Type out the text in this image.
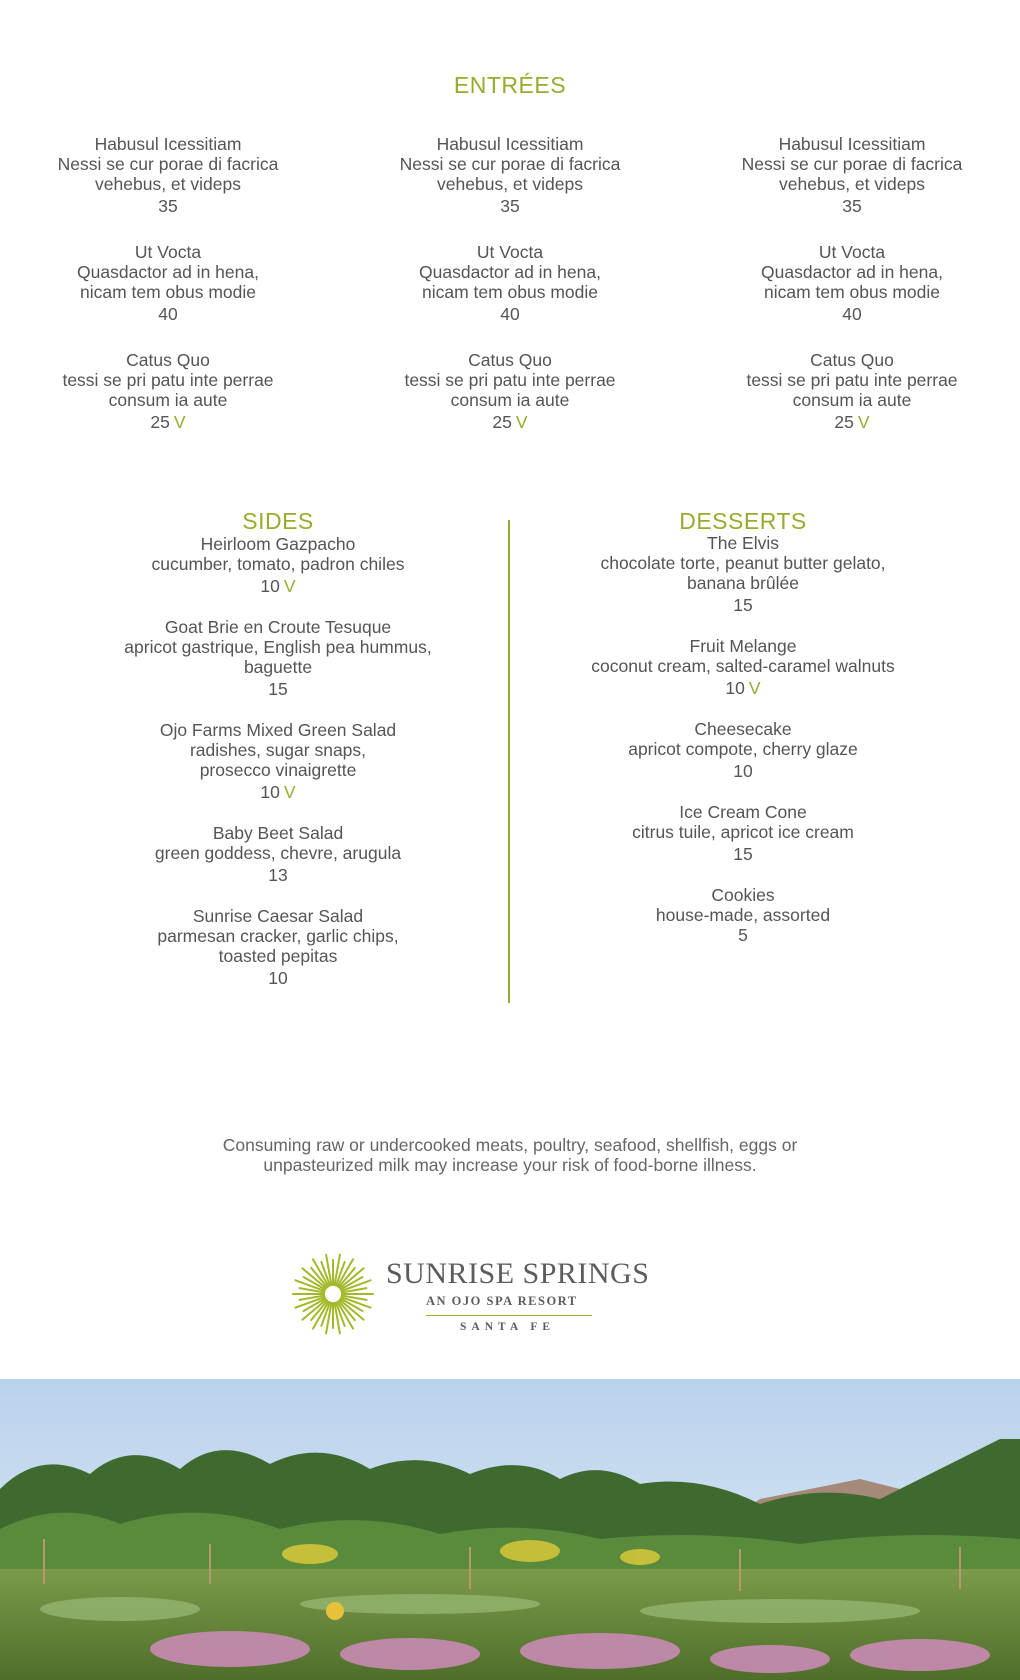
ENTRÉES
Habusul Icessitiam
Nessi se cur porae di facrica
vehebus, et videps
35
Ut Vocta
Quasdactor ad in hena,
nicam tem obus modie
40
Catus Quo
tessi se pri patu inte perrae
consum ia aute
25 V
Habusul Icessitiam
Nessi se cur porae di facrica
vehebus, et videps
35
Ut Vocta
Quasdactor ad in hena,
nicam tem obus modie
40
Catus Quo
tessi se pri patu inte perrae
consum ia aute
25 V
Habusul Icessitiam
Nessi se cur porae di facrica
vehebus, et videps
35
Ut Vocta
Quasdactor ad in hena,
nicam tem obus modie
40
Catus Quo
tessi se pri patu inte perrae
consum ia aute
25 V
SIDES
Heirloom Gazpacho
cucumber, tomato, padron chiles
10 V
Goat Brie en Croute Tesuque
apricot gastrique, English pea hummus,
baguette
15
Ojo Farms Mixed Green Salad
radishes, sugar snaps,
prosecco vinaigrette
10 V
Baby Beet Salad
green goddess, chevre, arugula
13
Sunrise Caesar Salad
parmesan cracker, garlic chips,
toasted pepitas
10
DESSERTS
The Elvis
chocolate torte, peanut butter gelato,
banana brûlée
15
Fruit Melange
coconut cream, salted-caramel walnuts
10 V
Cheesecake
apricot compote, cherry glaze
10
Ice Cream Cone
citrus tuile, apricot ice cream
15
Cookies
house-made, assorted
5
Consuming raw or undercooked meats, poultry, seafood, shellfish, eggs or
unpasteurized milk may increase your risk of food-borne illness.
SUNRISE SPRINGS
AN OJO SPA RESORT
SANTA FE
